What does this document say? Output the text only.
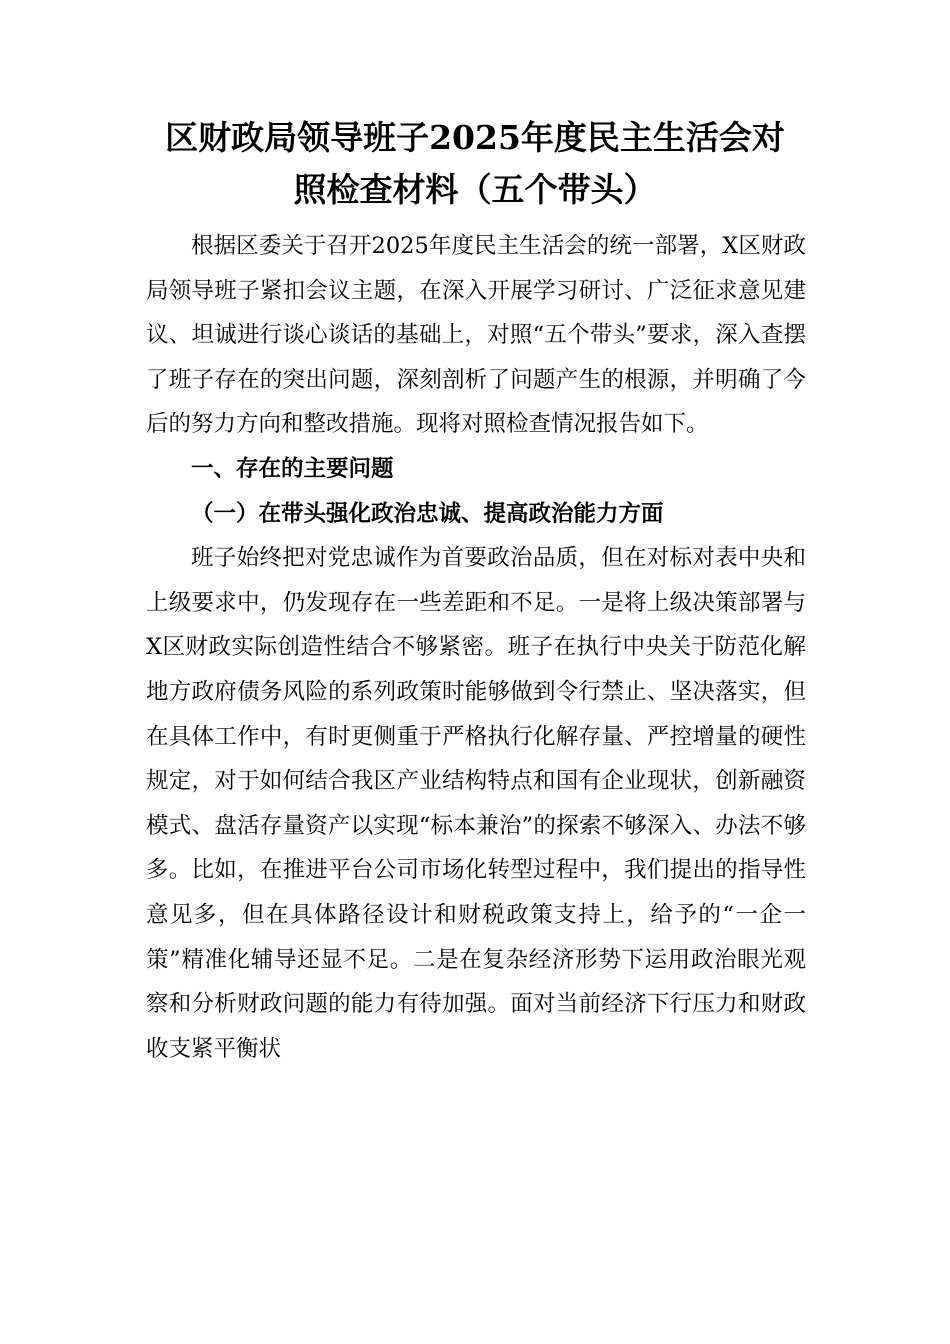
区财政局领导班子2025年度民主生活会对
照检查材料（五个带头）

根据区委关于召开2025年度民主生活会的统一部署，X区财政局领导班子紧扣会议主题，在深入开展学习研讨、广泛征求意见建议、坦诚进行谈心谈话的基础上，对照“五个带头”要求，深入查摆了班子存在的突出问题，深刻剖析了问题产生的根源，并明确了今后的努力方向和整改措施。现将对照检查情况报告如下。

一、存在的主要问题

（一）在带头强化政治忠诚、提高政治能力方面

班子始终把对党忠诚作为首要政治品质，但在对标对表中央和上级要求中，仍发现存在一些差距和不足。一是将上级决策部署与X区财政实际创造性结合不够紧密。班子在执行中央关于防范化解地方政府债务风险的系列政策时能够做到令行禁止、坚决落实，但在具体工作中，有时更侧重于严格执行化解存量、严控增量的硬性规定，对于如何结合我区产业结构特点和国有企业现状，创新融资模式、盘活存量资产以实现“标本兼治”的探索不够深入、办法不够多。比如，在推进平台公司市场化转型过程中，我们提出的指导性意见多，但在具体路径设计和财税政策支持上，给予的“一企一策”精准化辅导还显不足。二是在复杂经济形势下运用政治眼光观察和分析财政问题的能力有待加强。面对当前经济下行压力和财政收支紧平衡状
